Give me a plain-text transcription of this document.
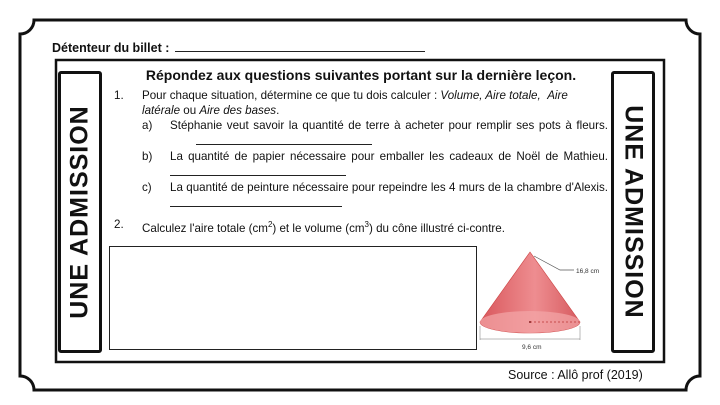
Détenteur du billet :
UNE ADMISSION	UNE ADMISSION
Répondez aux questions suivantes portant sur la dernière leçon.
1. Pour chaque situation, détermine ce que tu dois calculer : Volume, Aire totale, Aire latérale ou Aire des bases.
a) Stéphanie veut savoir la quantité de terre à acheter pour remplir ses pots à fleurs.
b) La quantité de papier nécessaire pour emballer les cadeaux de Noël de Mathieu.
c) La quantité de peinture nécessaire pour repeindre les 4 murs de la chambre d'Alexis.
2. Calculez l'aire totale $(cm^2)$ et le volume $(cm^3)$ du cône illustré ci-contre.
16,8 cm
9,6 cm
Source : Allô prof (2019)
